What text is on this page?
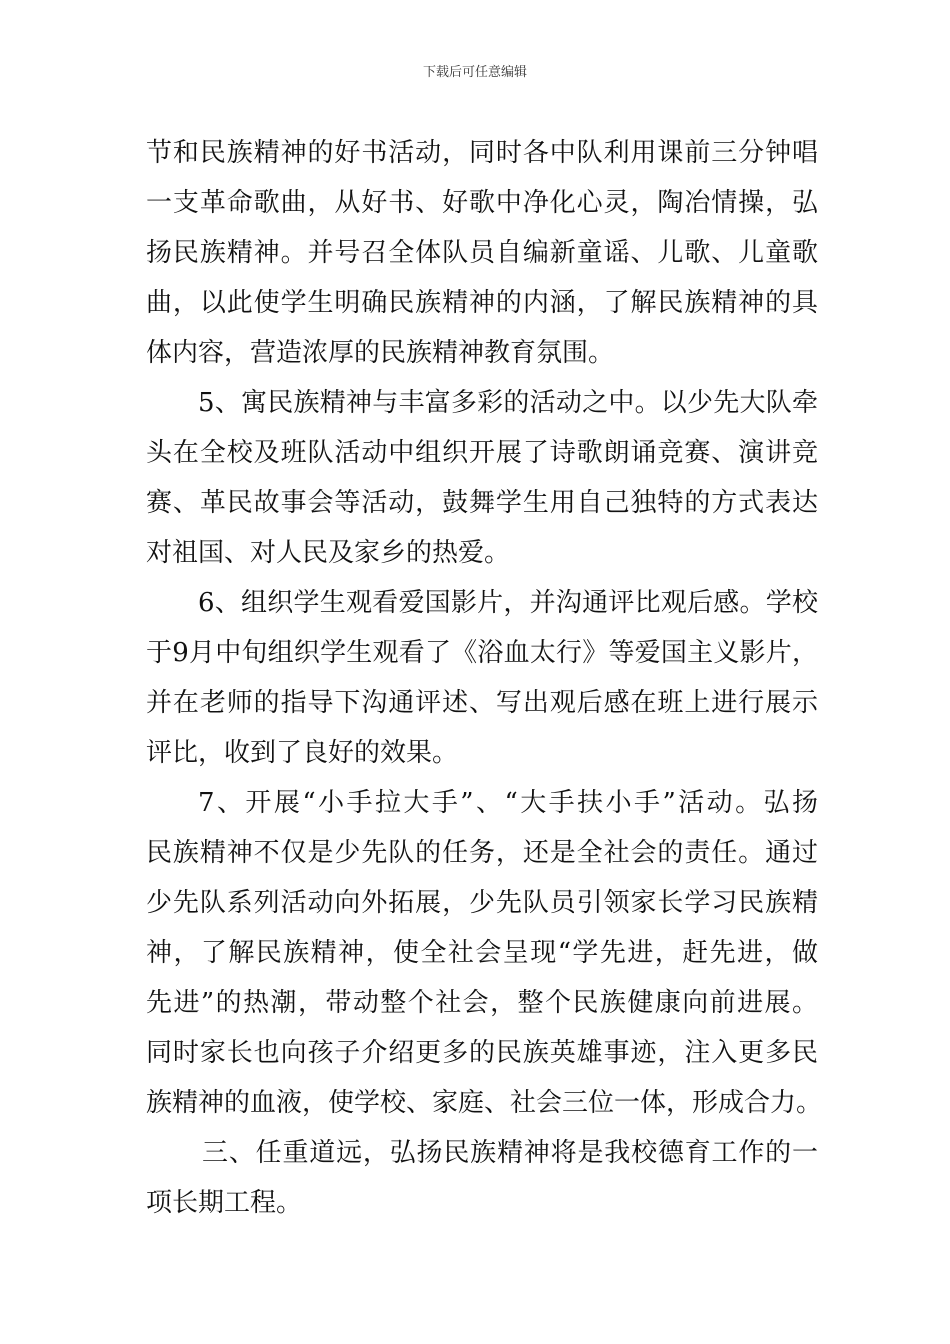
下载后可任意编辑
节和民族精神的好书活动，同时各中队利用课前三分钟唱
一支革命歌曲，从好书、好歌中净化心灵，陶冶情操，弘
扬民族精神。并号召全体队员自编新童谣、儿歌、儿童歌
曲，以此使学生明确民族精神的内涵，了解民族精神的具
体内容，营造浓厚的民族精神教育氛围。
5、寓民族精神与丰富多彩的活动之中。以少先大队牵
头在全校及班队活动中组织开展了诗歌朗诵竞赛、演讲竞
赛、革民故事会等活动，鼓舞学生用自己独特的方式表达
对祖国、对人民及家乡的热爱。
6、组织学生观看爱国影片，并沟通评比观后感。学校
于9月中旬组织学生观看了《浴血太行》等爱国主义影片，
并在老师的指导下沟通评述、写出观后感在班上进行展示
评比，收到了良好的效果。
7、开展“小手拉大手”、“大手扶小手”活动。弘扬
民族精神不仅是少先队的任务，还是全社会的责任。通过
少先队系列活动向外拓展，少先队员引领家长学习民族精
神，了解民族精神，使全社会呈现“学先进，赶先进，做
先进”的热潮，带动整个社会，整个民族健康向前进展。
同时家长也向孩子介绍更多的民族英雄事迹，注入更多民
族精神的血液，使学校、家庭、社会三位一体，形成合力。
三、任重道远，弘扬民族精神将是我校德育工作的一
项长期工程。
